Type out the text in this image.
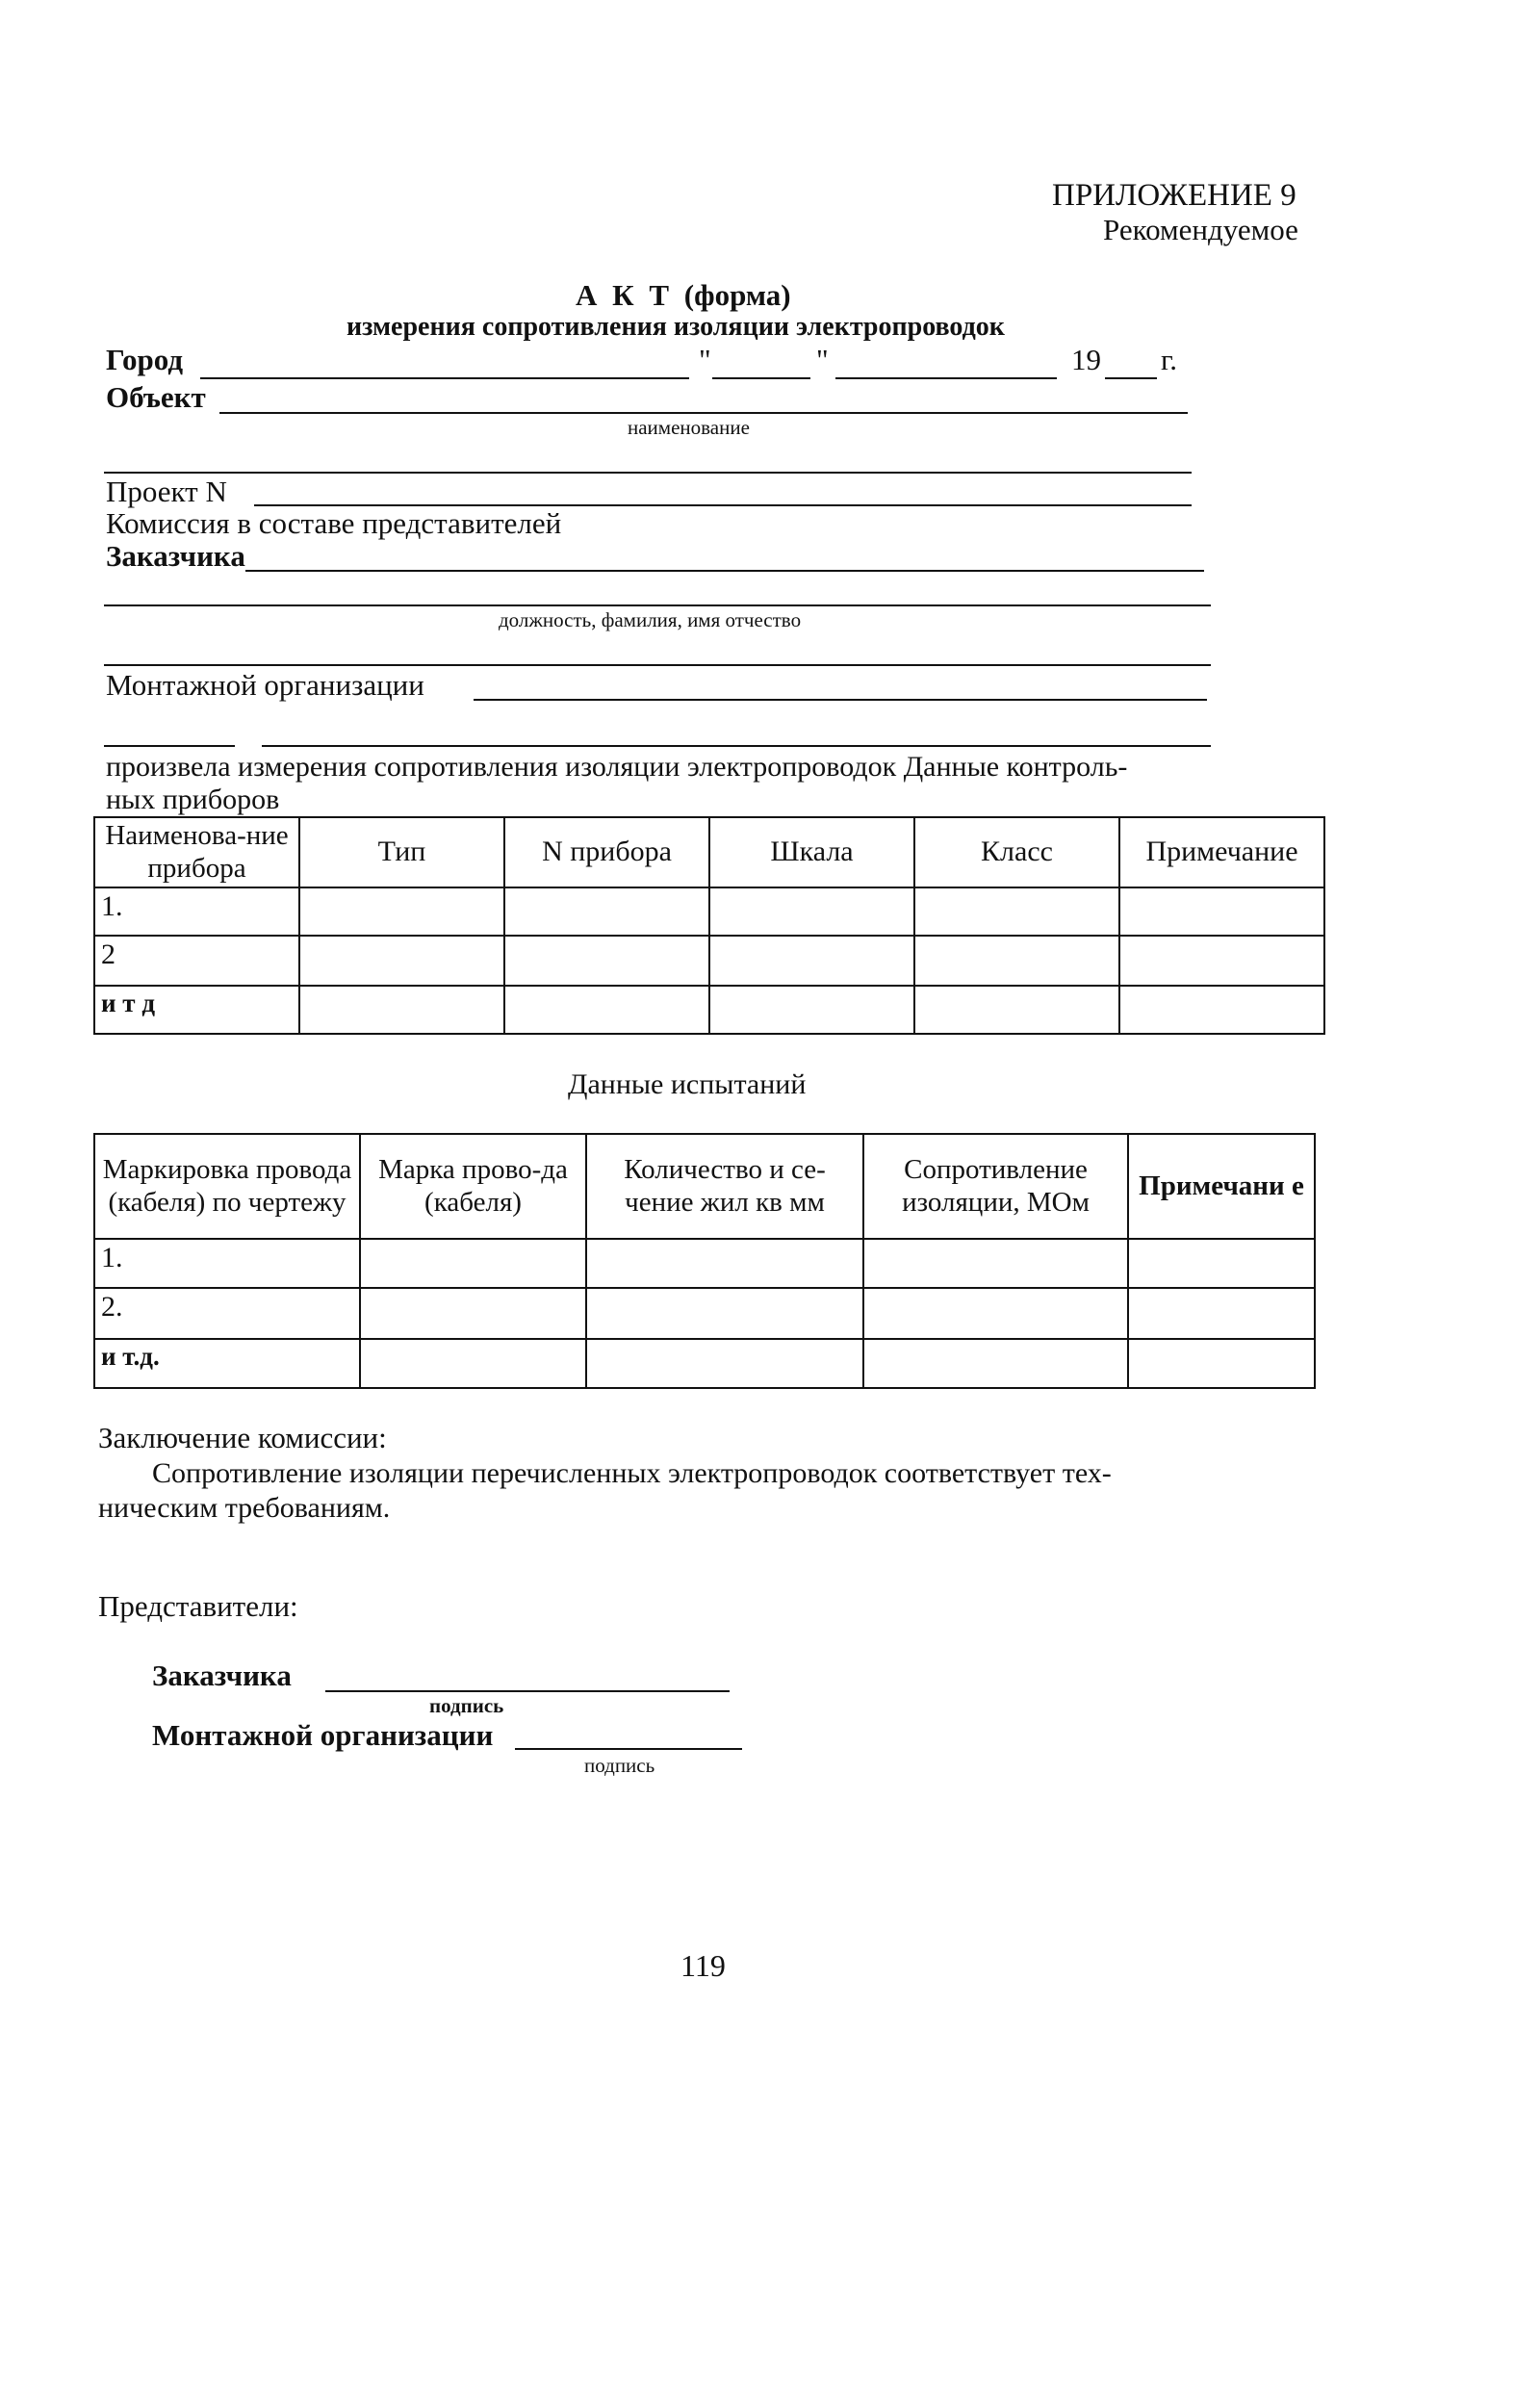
ПРИЛОЖЕНИЕ 9
Рекомендуемое
А К Т (форма)
измерения сопротивления изоляции электропроводок
Город	"	"	19 г.
Объект
наименование
Проект N
Комиссия в составе представителей
Заказчика
должность, фамилия, имя отчество
Монтажной организации
произвела измерения сопротивления изоляции электропроводок Данные контроль-
ных приборов
Наименова-ние прибора	Тип	N прибора	Шкала	Класс	Примечание
1.					
2					
и т д					
Данные испытаний
Маркировка провода (кабеля) по чертежу	Марка прово-да (кабеля)	Количество и се-чение жил кв мм	Сопротивление изоляции, МОм	Примечани е
1.				
2.				
и т.д.				
Заключение комиссии:
Сопротивление изоляции перечисленных электропроводок соответствует тех-
ническим требованиям.
Представители:
Заказчика
подпись
Монтажной организации
подпись
119
